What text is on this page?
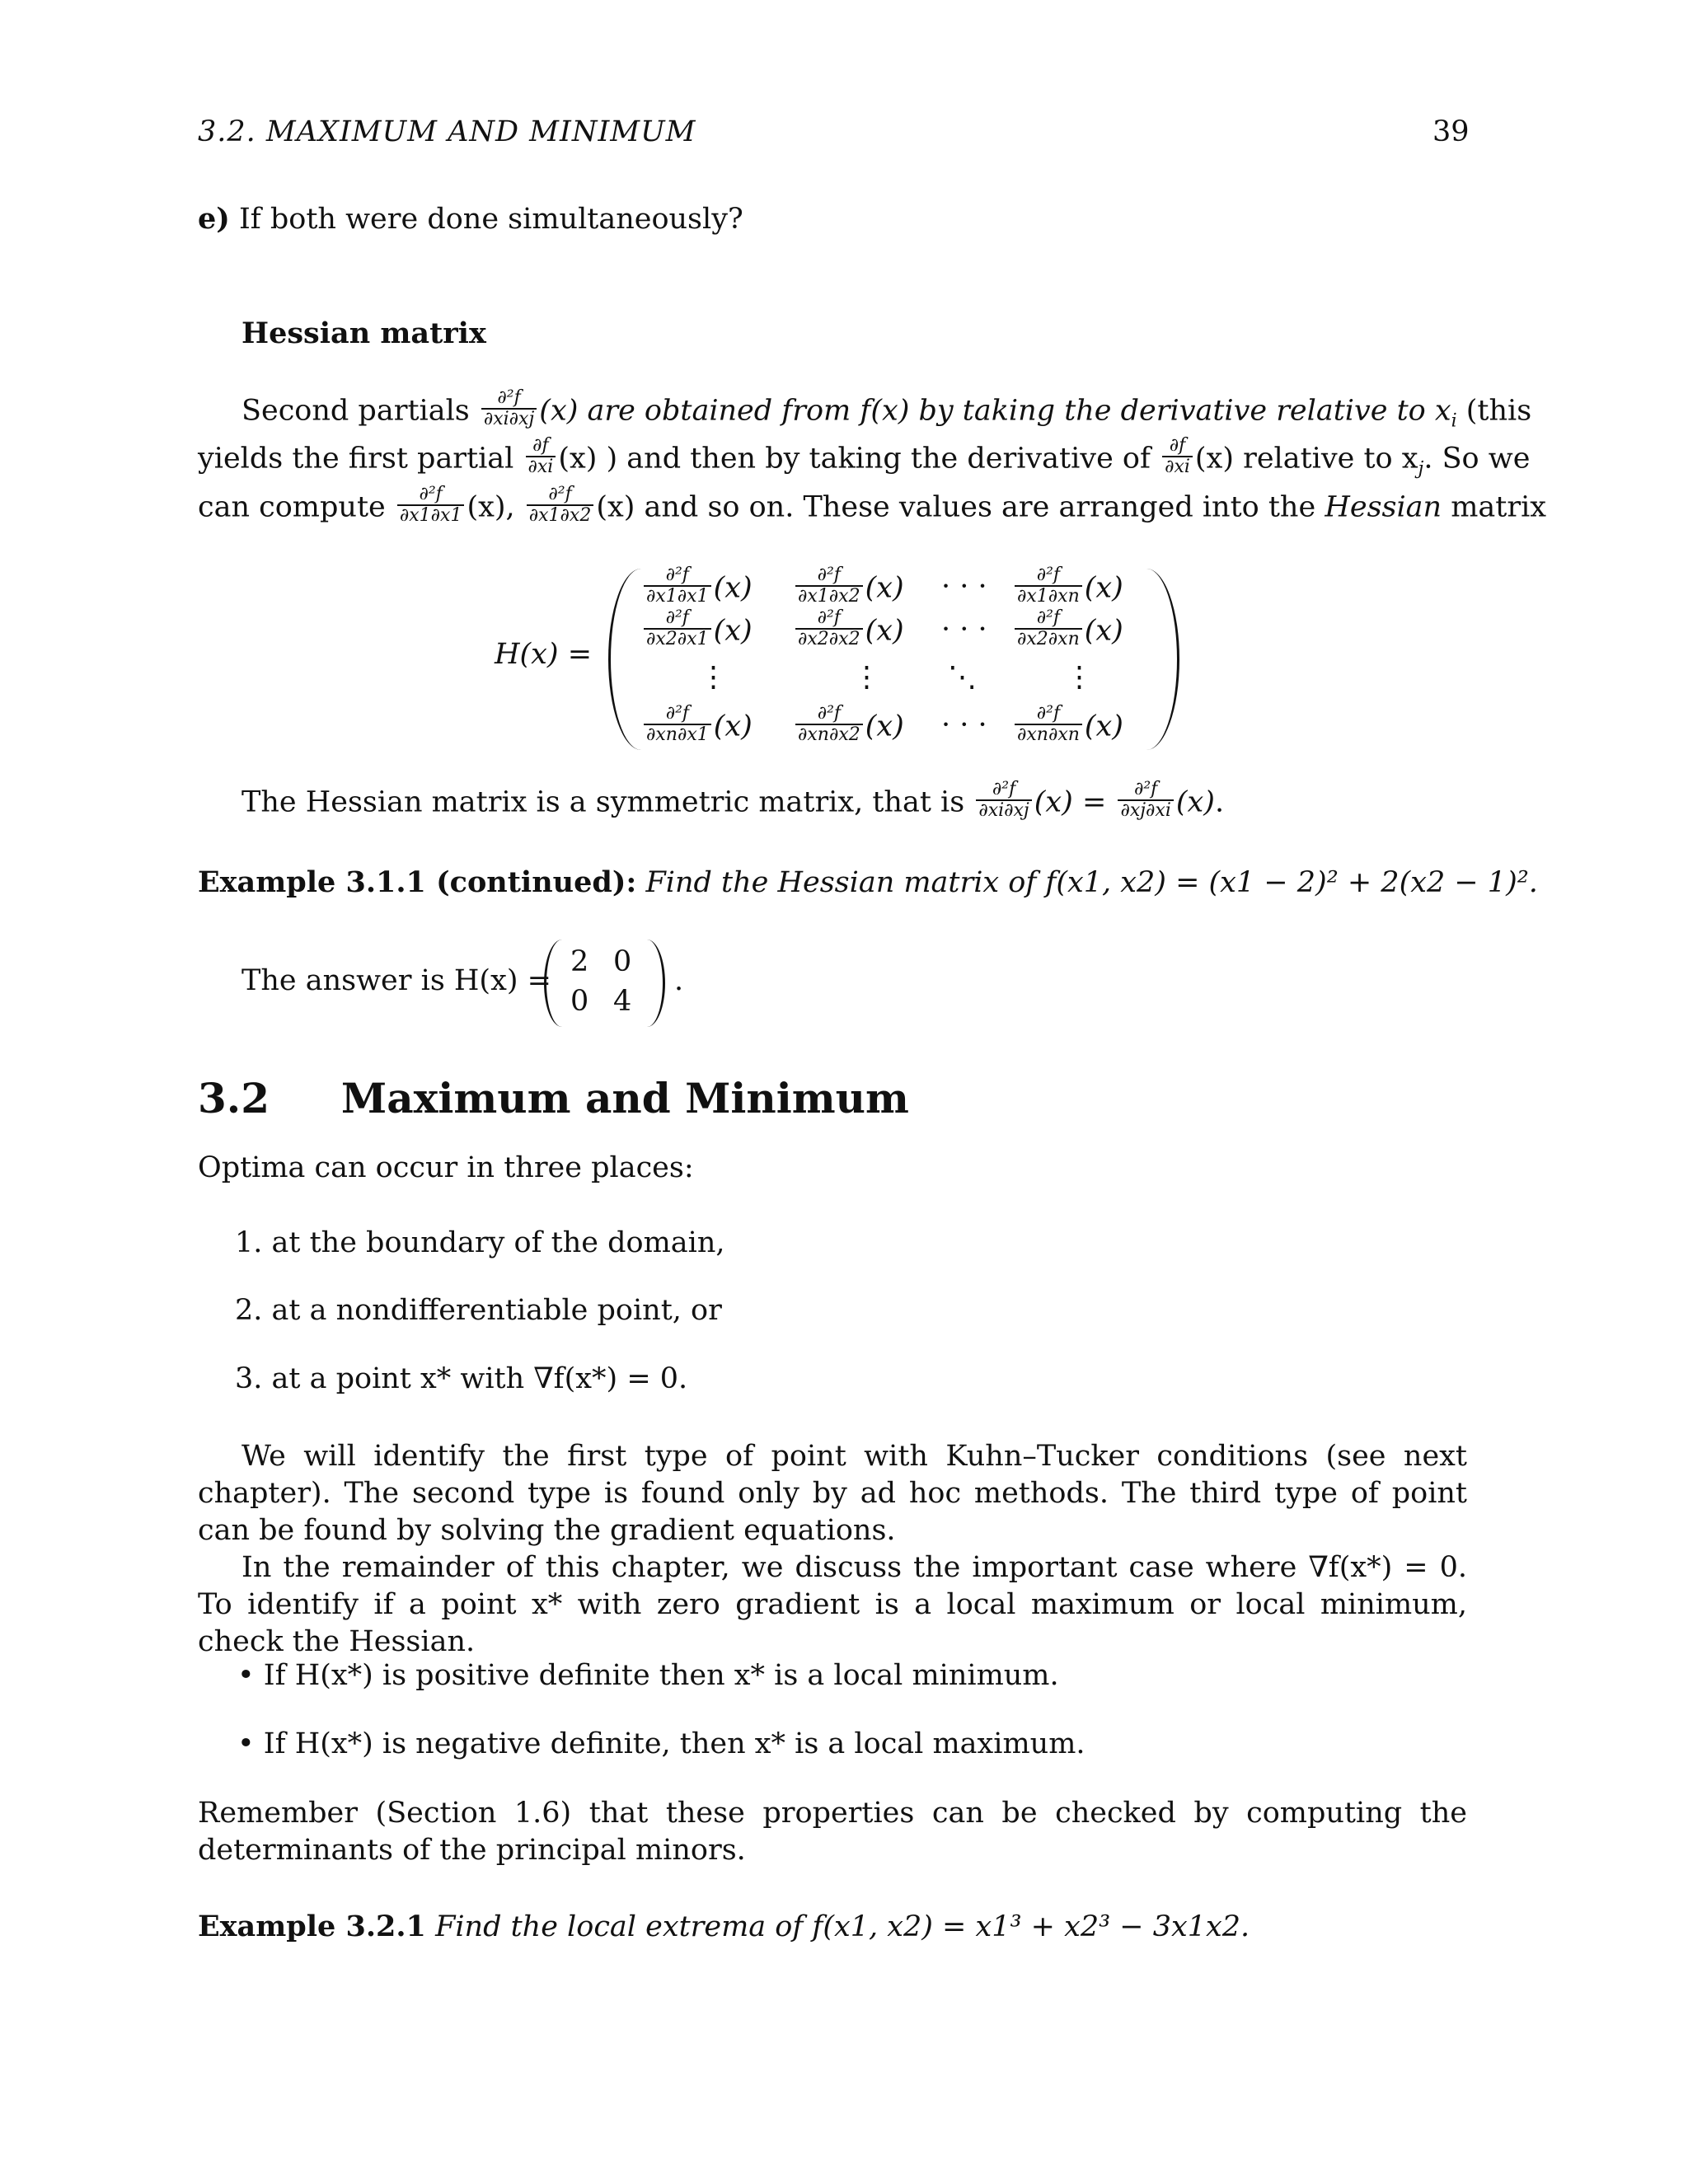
3.2. MAXIMUM AND MINIMUM	39
e) If both were done simultaneously?
Hessian matrix
Second partials $\frac{\text{∂²f}}{\partial xi\partial xj} (x)$ are obtained from f(x) by taking the derivative relative to $x_i$ (this
yields the first partial $\frac{\partial f}{\partial xi} (x)$ ) and then by taking the derivative of $\frac{\partial f}{\partial xi} (x)$ relative to $x_j$. So we
can compute $\frac{\text{∂²f}}{\partial x1\partial x1} (x)$, $\frac{\text{∂²f}}{\partial x1\partial x2} (x)$ and so on. These values are arranged into the Hessian matrix
H(x) =
$\frac{\text{∂²f}}{\partial x1\partial x1} (x) \frac{\text{∂²f}}{\partial x1\partial x2} (x)$ · · · $\frac{\text{∂²f}}{\partial x1\partial xn} (x)$
$\frac{\text{∂²f}}{\partial x2\partial x1} (x) \frac{\text{∂²f}}{\partial x2\partial x2} (x)$ · · · $\frac{\text{∂²f}}{\partial x2\partial xn} (x)$
⋮	⋮ ⋱	⋮
$\frac{\text{∂²f}}{\partial xn\partial x1} (x) \frac{\text{∂²f}}{\partial xn\partial x2} (x)$ · · · $\frac{\text{∂²f}}{\partial xn\partial xn} (x)$
The Hessian matrix is a symmetric matrix, that is $\frac{\text{∂²f}}{\partial xi\partial xj} (x) = \frac{\text{∂²f}}{\partial xj\partial xi} (x)$.
Example 3.1.1 (continued): Find the Hessian matrix of f(x1, x2) = (x1 − 2)² + 2(x2 − 1)².
The answer is H(x) =
2 0
0 4
.
3.2 Maximum and Minimum
Optima can occur in three places:
1. at the boundary of the domain,
2. at a nondifferentiable point, or
3. at a point x* with ∇f(x*) = 0.
We will identify the first type of point with Kuhn–Tucker conditions (see next chapter). The second type is found only by ad hoc methods. The third type of point can be found by solving the gradient equations.
In the remainder of this chapter, we discuss the important case where ∇f(x*) = 0. To identify if a point x* with zero gradient is a local maximum or local minimum, check the Hessian.
• If H(x*) is positive definite then x* is a local minimum.
• If H(x*) is negative definite, then x* is a local maximum.
Remember (Section 1.6) that these properties can be checked by computing the determinants of the principal minors.
Example 3.2.1 Find the local extrema of f(x1, x2) = x1³ + x2³ − 3x1x2.
